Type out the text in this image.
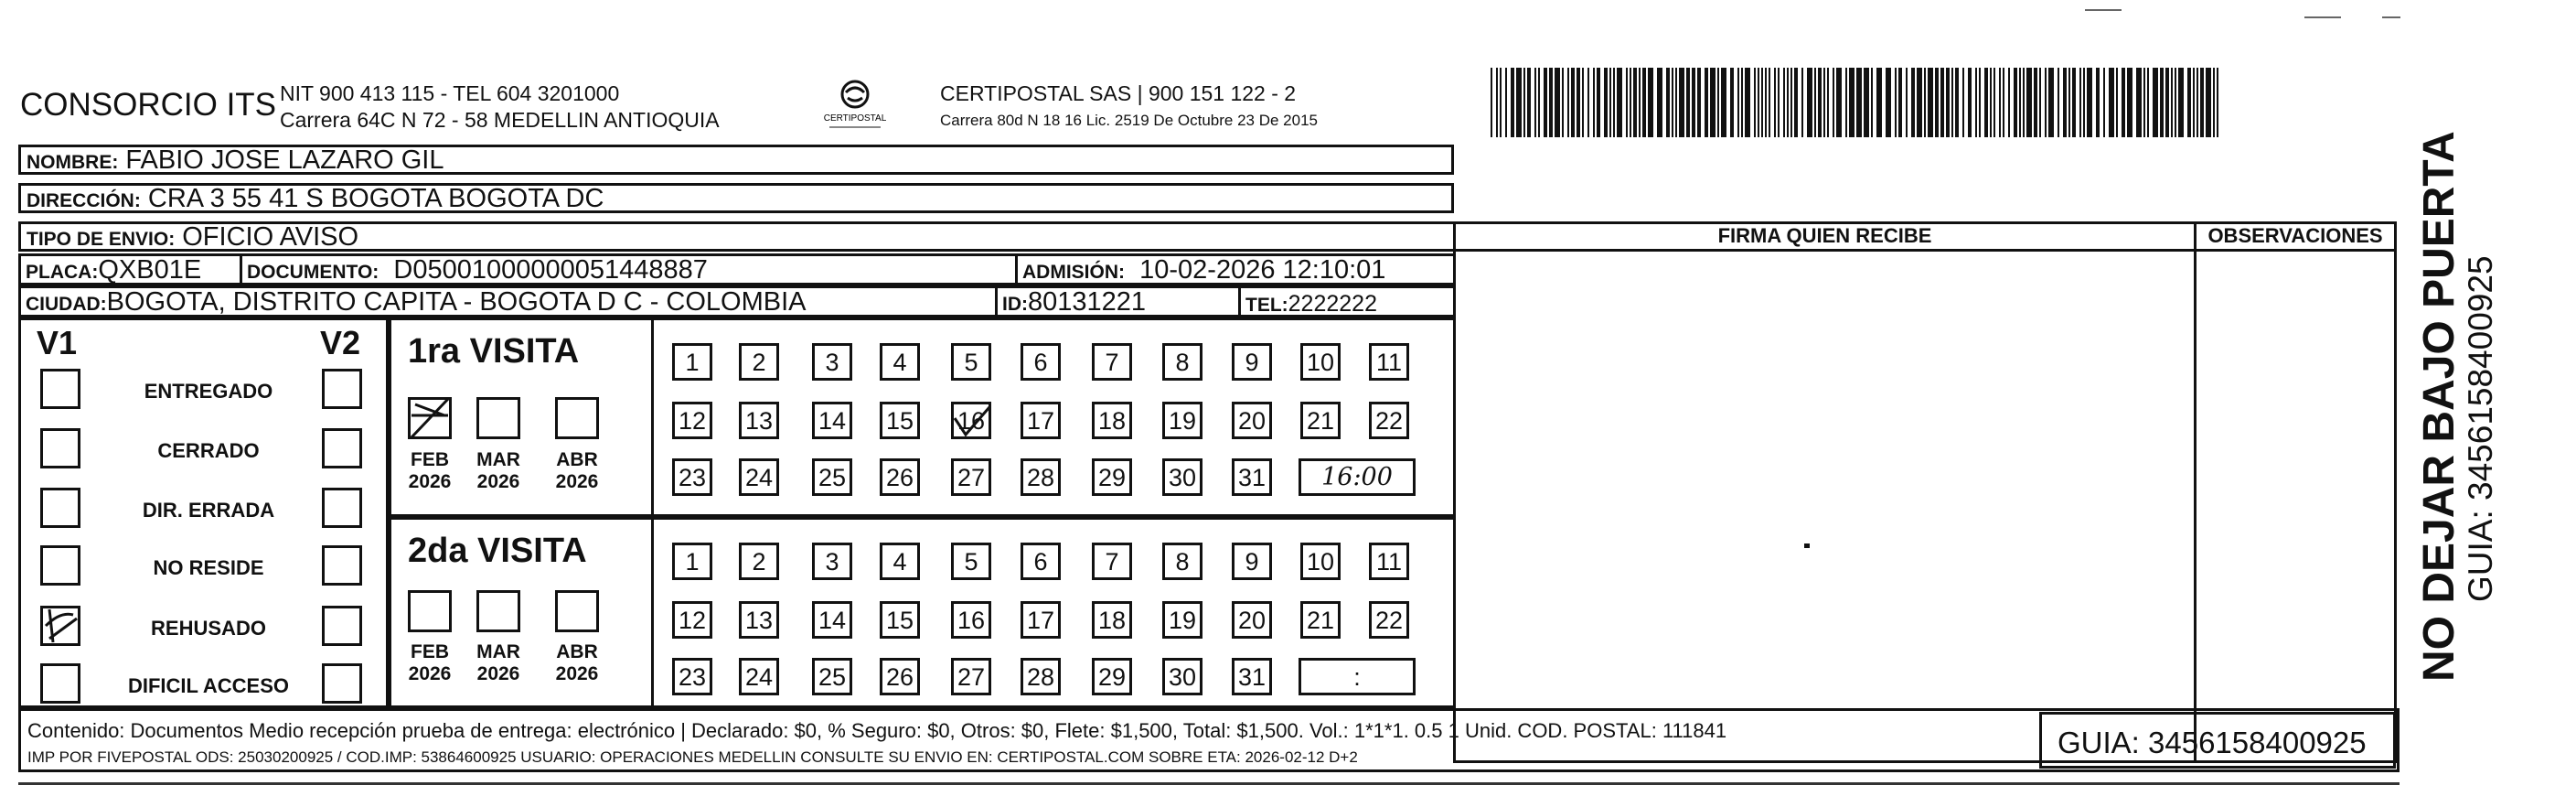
CONSORCIO ITS NIT 900 413 115 - TEL 604 3201000
Carrera 64C N 72 - 58 MEDELLIN ANTIOQUIA	CERTIPOSTAL
CERTIPOSTAL SAS | 900 151 122 - 2
Carrera 80d N 18 16 Lic. 2519 De Octubre 23 De 2015
NOMBRE: FABIO JOSE LAZARO GIL
DIRECCIÓN: CRA 3 55 41 S BOGOTA BOGOTA DC
TIPO DE ENVIO: OFICIO AVISO	FIRMA QUIEN RECIBE	OBSERVACIONES
PLACA:QXB01E DOCUMENTO: D05001000000051448887	ADMISIÓN: 10-02-2026 12:10:01
CIUDAD:BOGOTA, DISTRITO CAPITA - BOGOTA D C - COLOMBIA	ID:80131221	TEL:2222222
V1	V2
ENTREGADO
CERRADO
DIR. ERRADA
NO RESIDE
REHUSADO
DIFICIL ACCESO
1ra VISITA
FEB
2026
MAR
2026
ABR
2026
1	2	3	4	5	6	7	8	9	10 11
12 13 14 15 16 17 18 19 20 21 22
23 24 25 26 27 28 29 30 31	16:00
2da VISITA
FEB
2026
MAR
2026
ABR
2026
1	2	3	4	5	6	7	8	9	10 11
12 13 14 15 16 17 18 19 20 21 22
23 24 25 26 27 28 29 30 31	:
Contenido: Documentos Medio recepción prueba de entrega: electrónico | Declarado: $0, % Seguro: $0, Otros: $0, Flete: $1,500, Total: $1,500. Vol.: 1*1*1. 0.5 1 Unid. COD. POSTAL: 111841
IMP POR FIVEPOSTAL ODS: 25030200925 / COD.IMP: 53864600925 USUARIO: OPERACIONES MEDELLIN CONSULTE SU ENVIO EN: CERTIPOSTAL.COM SOBRE ETA: 2026-02-12 D+2	GUIA: 3456158400925
NO DEJAR BAJO PUERTA
GUIA: 3456158400925
